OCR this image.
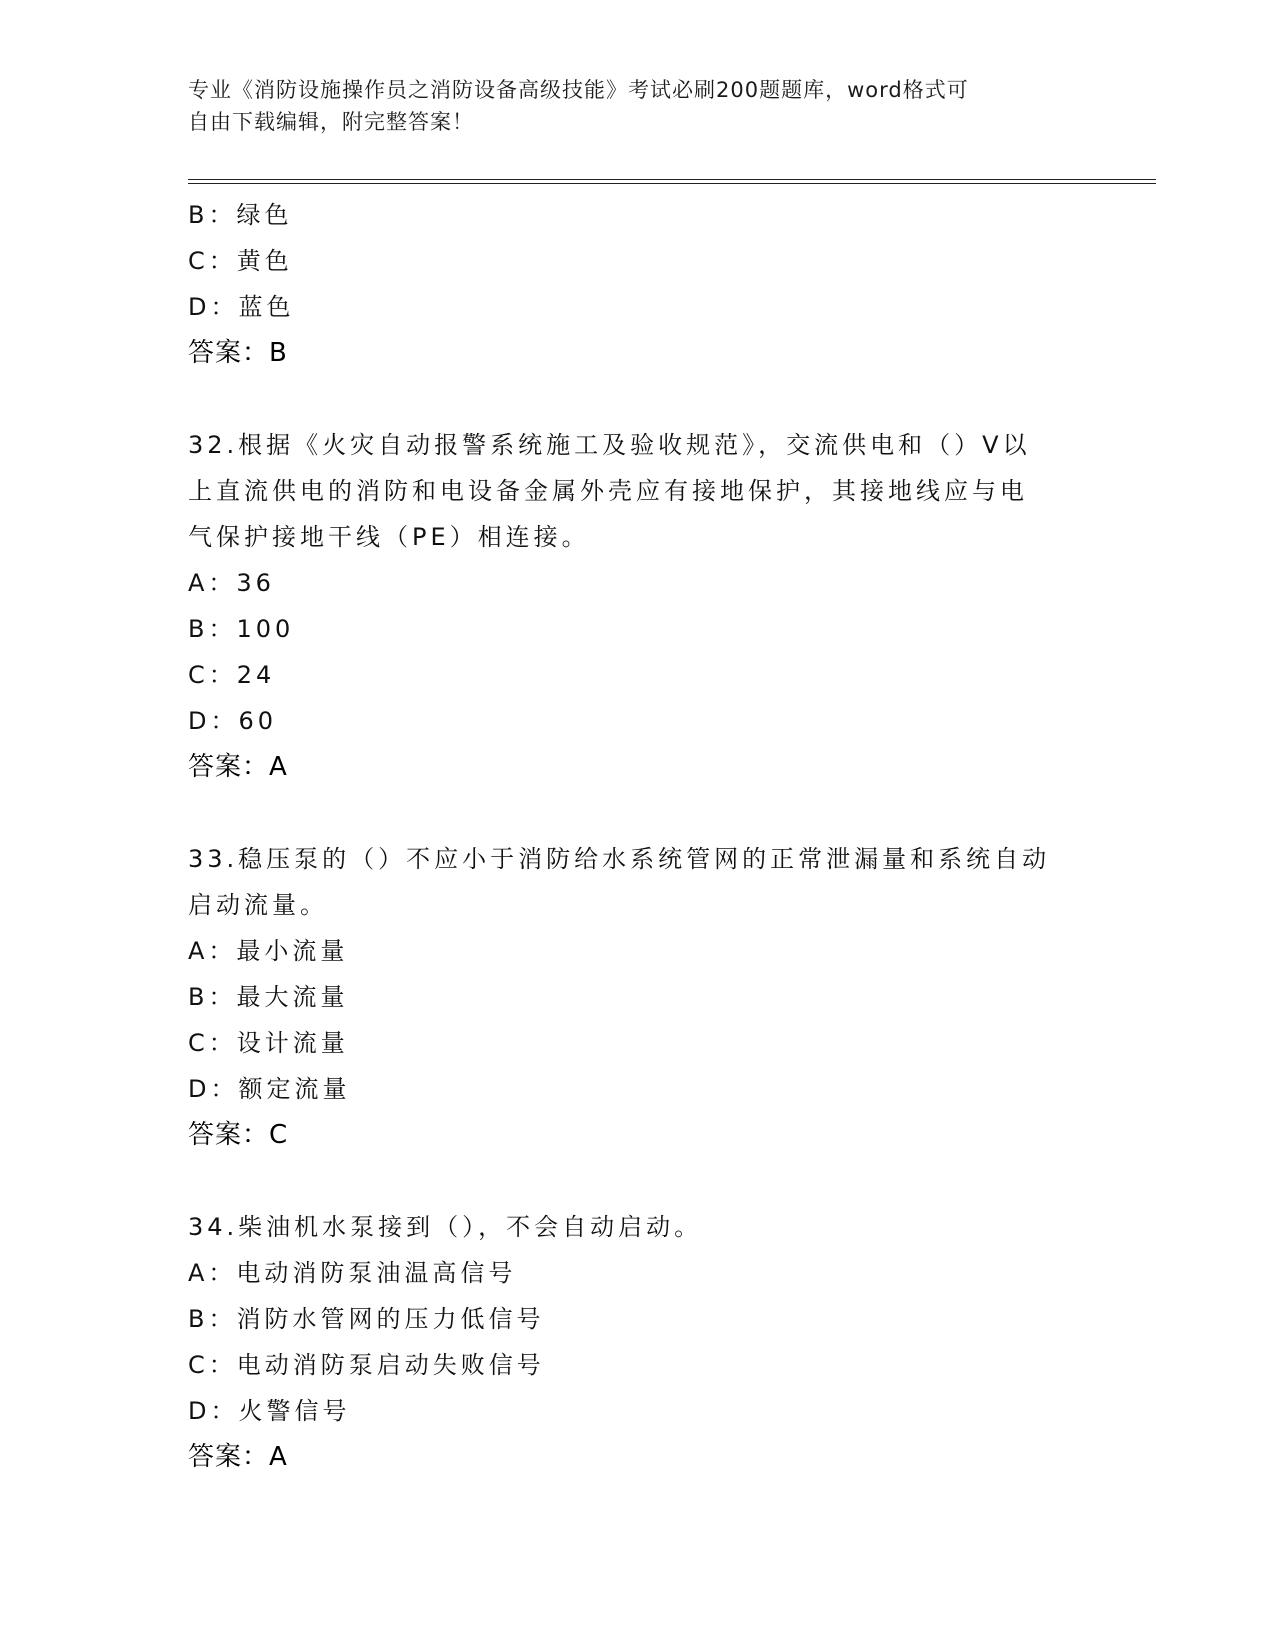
专业《消防设施操作员之消防设备高级技能》考试必刷200题题库，word格式可
自由下载编辑，附完整答案！
B：绿色
C：黄色
D：蓝色
答案：B
32.根据《火灾自动报警系统施工及验收规范》，交流供电和（）V以
上直流供电的消防和电设备金属外壳应有接地保护，其接地线应与电
气保护接地干线（PE）相连接。
A：36
B：100
C：24
D：60
答案：A
33.稳压泵的（）不应小于消防给水系统管网的正常泄漏量和系统自动
启动流量。
A：最小流量
B：最大流量
C：设计流量
D：额定流量
答案：C
34.柴油机水泵接到（），不会自动启动。
A：电动消防泵油温高信号
B：消防水管网的压力低信号
C：电动消防泵启动失败信号
D：火警信号
答案：A
